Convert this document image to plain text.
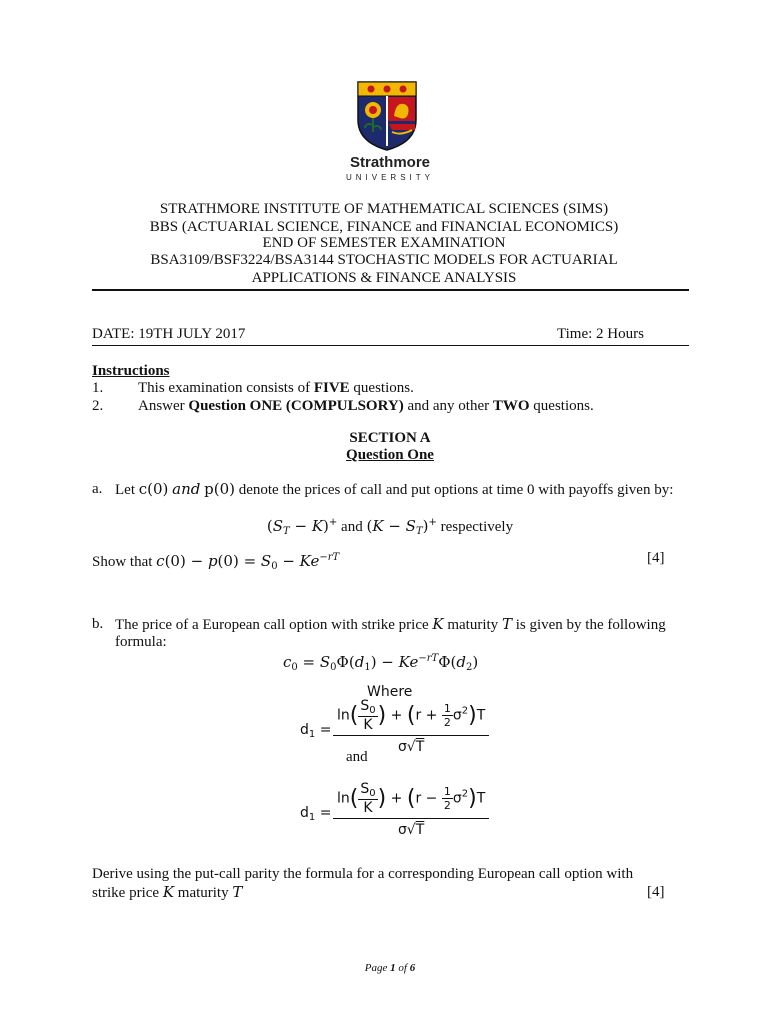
Strathmore
UNIVERSITY
STRATHMORE INSTITUTE OF MATHEMATICAL SCIENCES (SIMS)
BBS (ACTUARIAL SCIENCE, FINANCE and FINANCIAL ECONOMICS)
END OF SEMESTER EXAMINATION
BSA3109/BSF3224/BSA3144 STOCHASTIC MODELS FOR ACTUARIAL
APPLICATIONS & FINANCE ANALYSIS
DATE: 19TH JULY 2017	Time: 2 Hours
Instructions
1. This examination consists of FIVE questions.
2. Answer Question ONE (COMPULSORY) and any other TWO questions.
SECTION A
Question One
a. Let c(0) and p(0) denote the prices of call and put options at time 0 with payoffs given by:
$(S_T - K)^+$ and $(K - S_T)^+$ respectively
Show that $c(0) - p(0) = S_0 - Ke^{-rT}$	[4]
b. The price of a European call option with strike price K maturity T is given by the following
formula:
$c_0 = S_0\Phi(d_1) - Ke^{-rT}\Phi(d_2)$
Where
$d_1$ =
$\ln( \frac{S_0}{K}$ ) + $(r + \frac{1}{2} \sigma^2)T$
σ√T
and
$d_1$ =
$\ln( \frac{S_0}{K}$ ) + $(r - \frac{1}{2} \sigma^2)T$
σ√T
Derive using the put-call parity the formula for a corresponding European call option with
strike price K maturity T	[4]
Page 1 of 6
